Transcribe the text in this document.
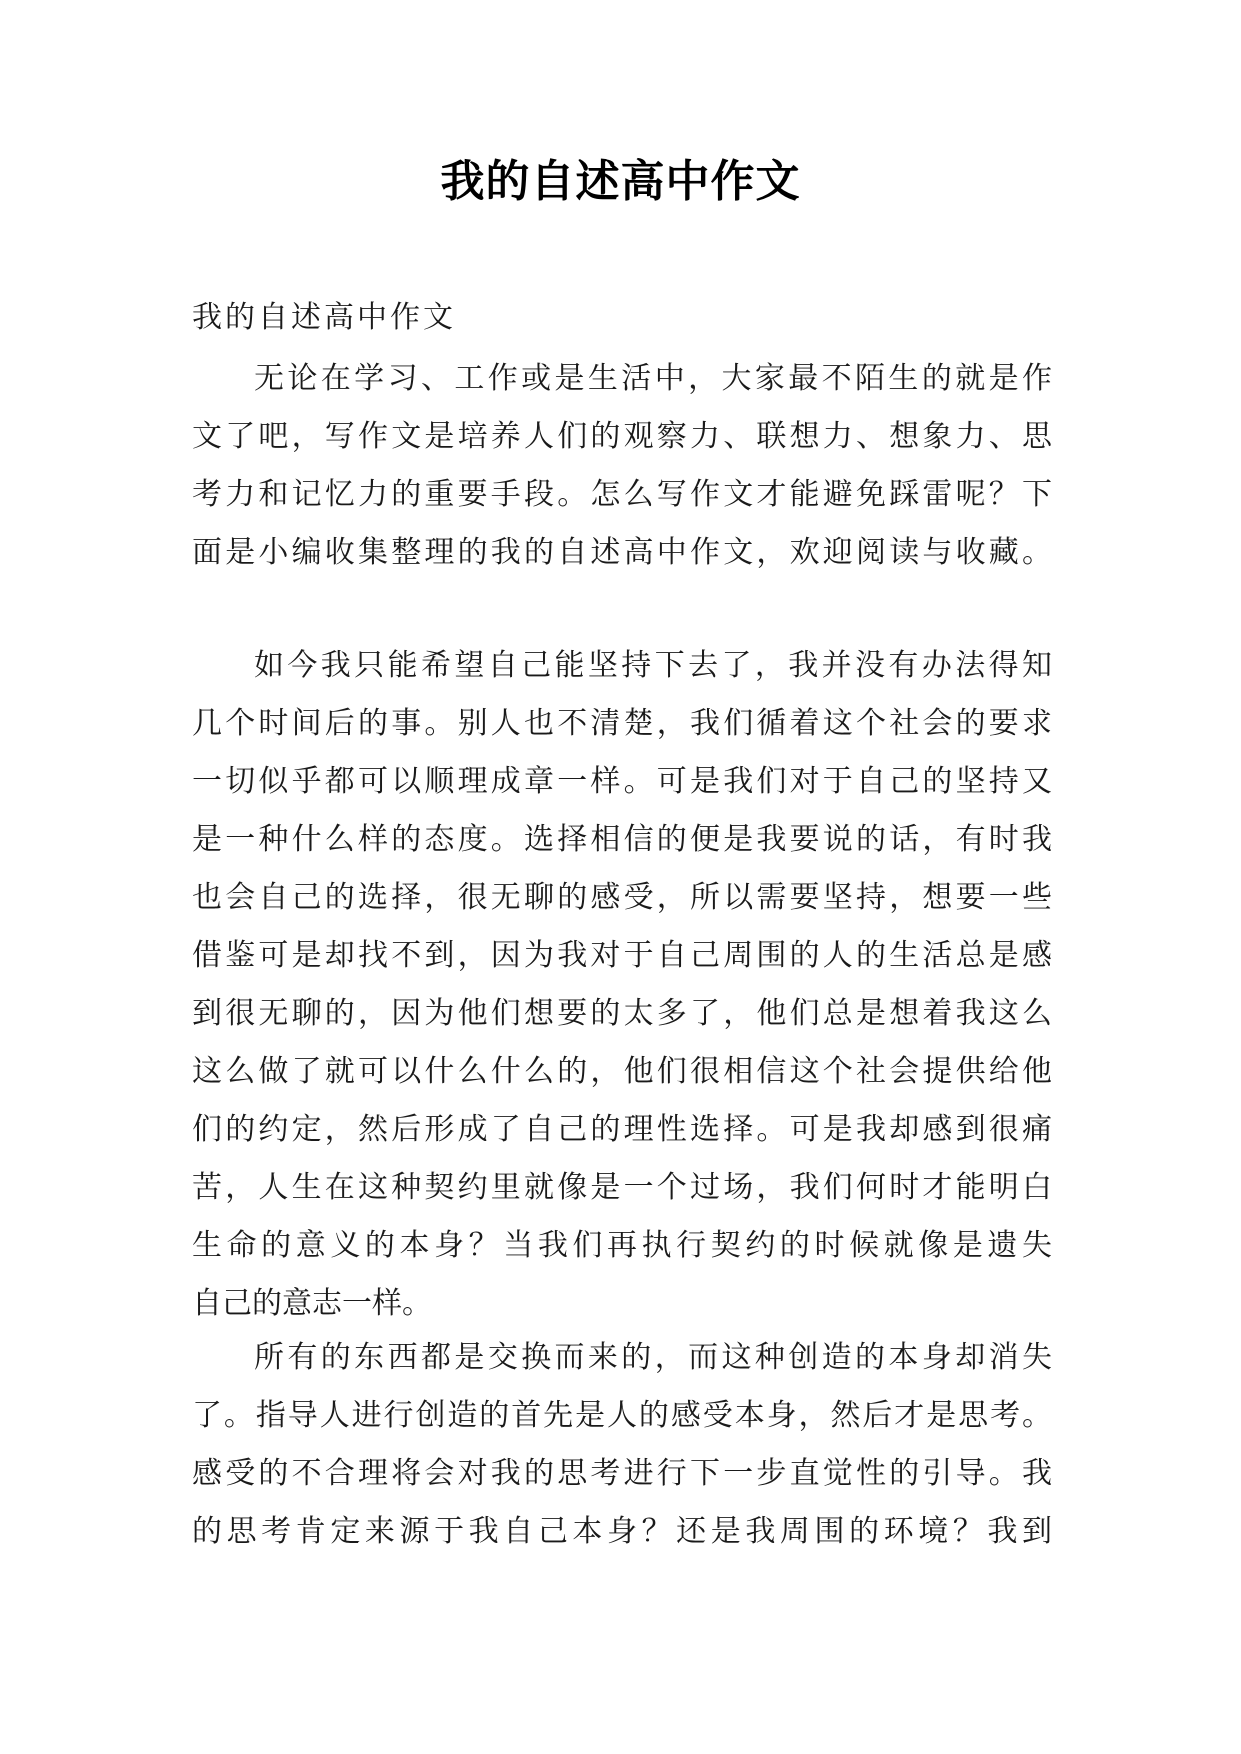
我的自述高中作文
我的自述高中作文
无论在学习、工作或是生活中，大家最不陌生的就是作
文了吧，写作文是培养人们的观察力、联想力、想象力、思
考力和记忆力的重要手段。怎么写作文才能避免踩雷呢？下
面是小编收集整理的我的自述高中作文，欢迎阅读与收藏。
如今我只能希望自己能坚持下去了，我并没有办法得知
几个时间后的事。别人也不清楚，我们循着这个社会的要求
一切似乎都可以顺理成章一样。可是我们对于自己的坚持又
是一种什么样的态度。选择相信的便是我要说的话，有时我
也会自己的选择，很无聊的感受，所以需要坚持，想要一些
借鉴可是却找不到，因为我对于自己周围的人的生活总是感
到很无聊的，因为他们想要的太多了，他们总是想着我这么
这么做了就可以什么什么的，他们很相信这个社会提供给他
们的约定，然后形成了自己的理性选择。可是我却感到很痛
苦，人生在这种契约里就像是一个过场，我们何时才能明白
生命的意义的本身？当我们再执行契约的时候就像是遗失
自己的意志一样。
所有的东西都是交换而来的，而这种创造的本身却消失
了。指导人进行创造的首先是人的感受本身，然后才是思考。
感受的不合理将会对我的思考进行下一步直觉性的引导。我
的思考肯定来源于我自己本身？还是我周围的环境？我到
